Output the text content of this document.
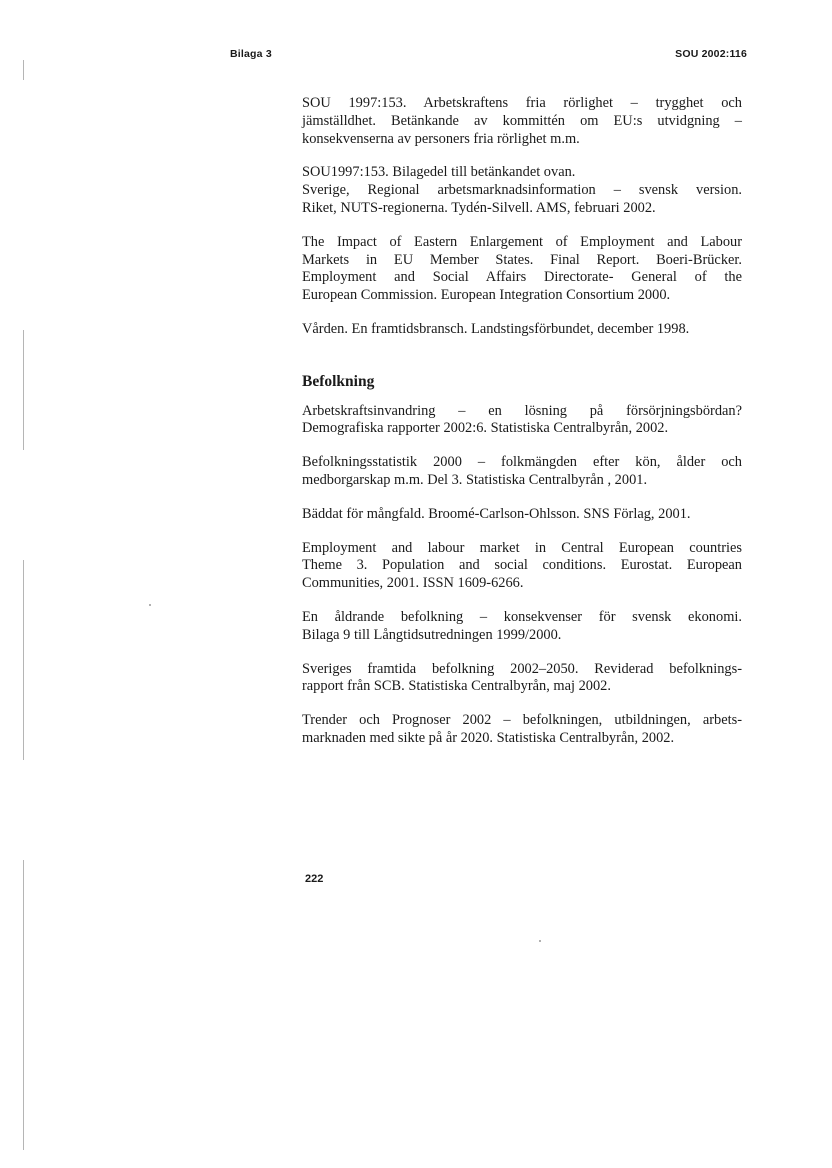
Bilaga 3	SOU 2002:116
SOU 1997:153. Arbetskraftens fria rörlighet – trygghet och
jämställdhet. Betänkande av kommittén om EU:s utvidgning –
konsekvenserna av personers fria rörlighet m.m.
SOU1997:153. Bilagedel till betänkandet ovan.
Sverige, Regional arbetsmarknadsinformation – svensk version.
Riket, NUTS-regionerna. Tydén-Silvell. AMS, februari 2002.
The Impact of Eastern Enlargement of Employment and Labour
Markets in EU Member States. Final Report. Boeri-Brücker.
Employment and Social Affairs Directorate- General of the
European Commission. European Integration Consortium 2000.
Vården. En framtidsbransch. Landstingsförbundet, december 1998.
Befolkning
Arbetskraftsinvandring – en lösning på försörjningsbördan?
Demografiska rapporter 2002:6. Statistiska Centralbyrån, 2002.
Befolkningsstatistik 2000 – folkmängden efter kön, ålder och
medborgarskap m.m. Del 3. Statistiska Centralbyrån , 2001.
Bäddat för mångfald. Broomé-Carlson-Ohlsson. SNS Förlag, 2001.
Employment and labour market in Central European countries
Theme 3. Population and social conditions. Eurostat. European
Communities, 2001. ISSN 1609-6266.
En åldrande befolkning – konsekvenser för svensk ekonomi.
Bilaga 9 till Långtidsutredningen 1999/2000.
Sveriges framtida befolkning 2002–2050. Reviderad befolknings-
rapport från SCB. Statistiska Centralbyrån, maj 2002.
Trender och Prognoser 2002 – befolkningen, utbildningen, arbets-
marknaden med sikte på år 2020. Statistiska Centralbyrån, 2002.
222
